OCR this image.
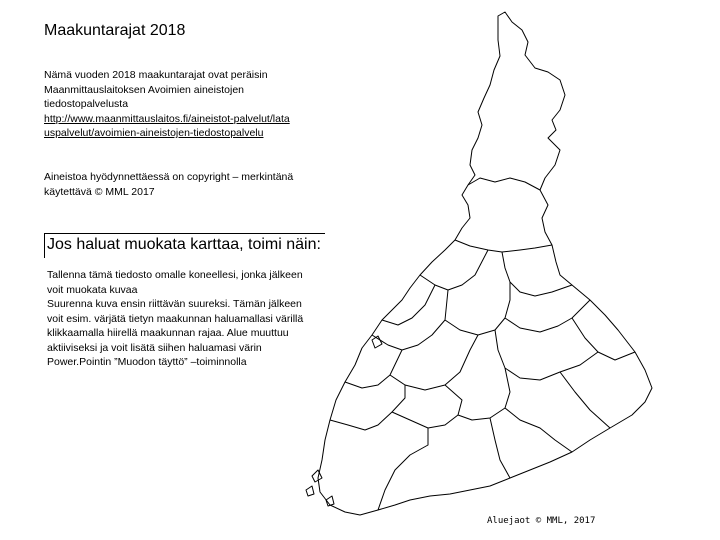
Maakuntarajat 2018

Nämä vuoden 2018 maakuntarajat ovat peräisin Maanmittauslaitoksen Avoimien aineistojen tiedostopalvelusta
http://www.maanmittauslaitos.fi/aineistot-palvelut/latauspalvelut/avoimien-aineistojen-tiedostopalvelu

Aineistoa hyödynnettäessä on copyright – merkintänä käytettävä © MML 2017

Jos haluat muokata karttaa, toimi näin:
Tallenna tämä tiedosto omalle koneellesi, jonka jälkeen voit muokata kuvaa
Suurenna kuva ensin riittävän suureksi. Tämän jälkeen voit esim. värjätä tietyn maakunnan haluamallasi värillä klikkaamalla hiirellä maakunnan rajaa. Alue muuttuu aktiiviseksi ja voit lisätä siihen haluamasi värin Power.Pointin ”Muodon täyttö” –toiminnolla
Aluejaot © MML, 2017
